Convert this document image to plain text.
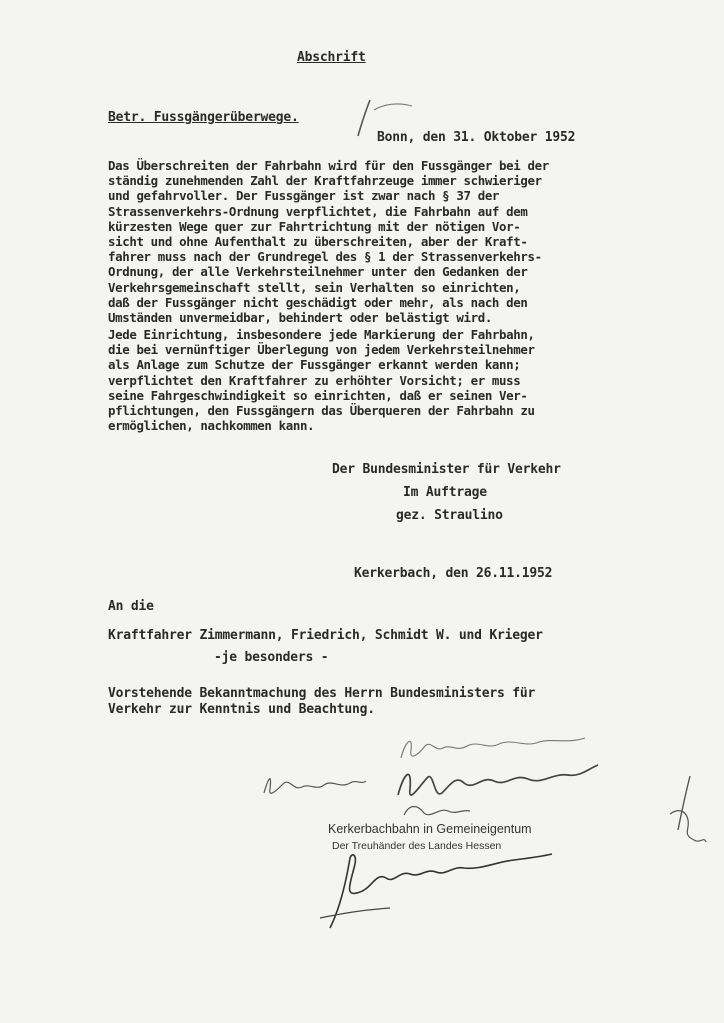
Abschrift
Betr. Fussgängerüberwege.
Bonn, den 31. Oktober 1952
Das Überschreiten der Fahrbahn wird für den Fussgänger bei der
ständig zunehmenden Zahl der Kraftfahrzeuge immer schwieriger
und gefahrvoller. Der Fussgänger ist zwar nach § 37 der
Strassenverkehrs-Ordnung verpflichtet, die Fahrbahn auf dem
kürzesten Wege quer zur Fahrtrichtung mit der nötigen Vor-
sicht und ohne Aufenthalt zu überschreiten, aber der Kraft-
fahrer muss nach der Grundregel des § 1 der Strassenverkehrs-
Ordnung, der alle Verkehrsteilnehmer unter den Gedanken der
Verkehrsgemeinschaft stellt, sein Verhalten so einrichten,
daß der Fussgänger nicht geschädigt oder mehr, als nach den
Umständen unvermeidbar, behindert oder belästigt wird.
Jede Einrichtung, insbesondere jede Markierung der Fahrbahn,
die bei vernünftiger Überlegung von jedem Verkehrsteilnehmer
als Anlage zum Schutze der Fussgänger erkannt werden kann;
verpflichtet den Kraftfahrer zu erhöhter Vorsicht; er muss
seine Fahrgeschwindigkeit so einrichten, daß er seinen Ver-
pflichtungen, den Fussgängern das Überqueren der Fahrbahn zu
ermöglichen, nachkommen kann.
Der Bundesminister für Verkehr
Im Auftrage
gez. Straulino
Kerkerbach, den 26.11.1952
An die
Kraftfahrer Zimmermann, Friedrich, Schmidt W. und Krieger
-je besonders -
Vorstehende Bekanntmachung des Herrn Bundesministers für
Verkehr zur Kenntnis und Beachtung.
Kerkerbachbahn in Gemeineigentum
Der Treuhänder des Landes Hessen
